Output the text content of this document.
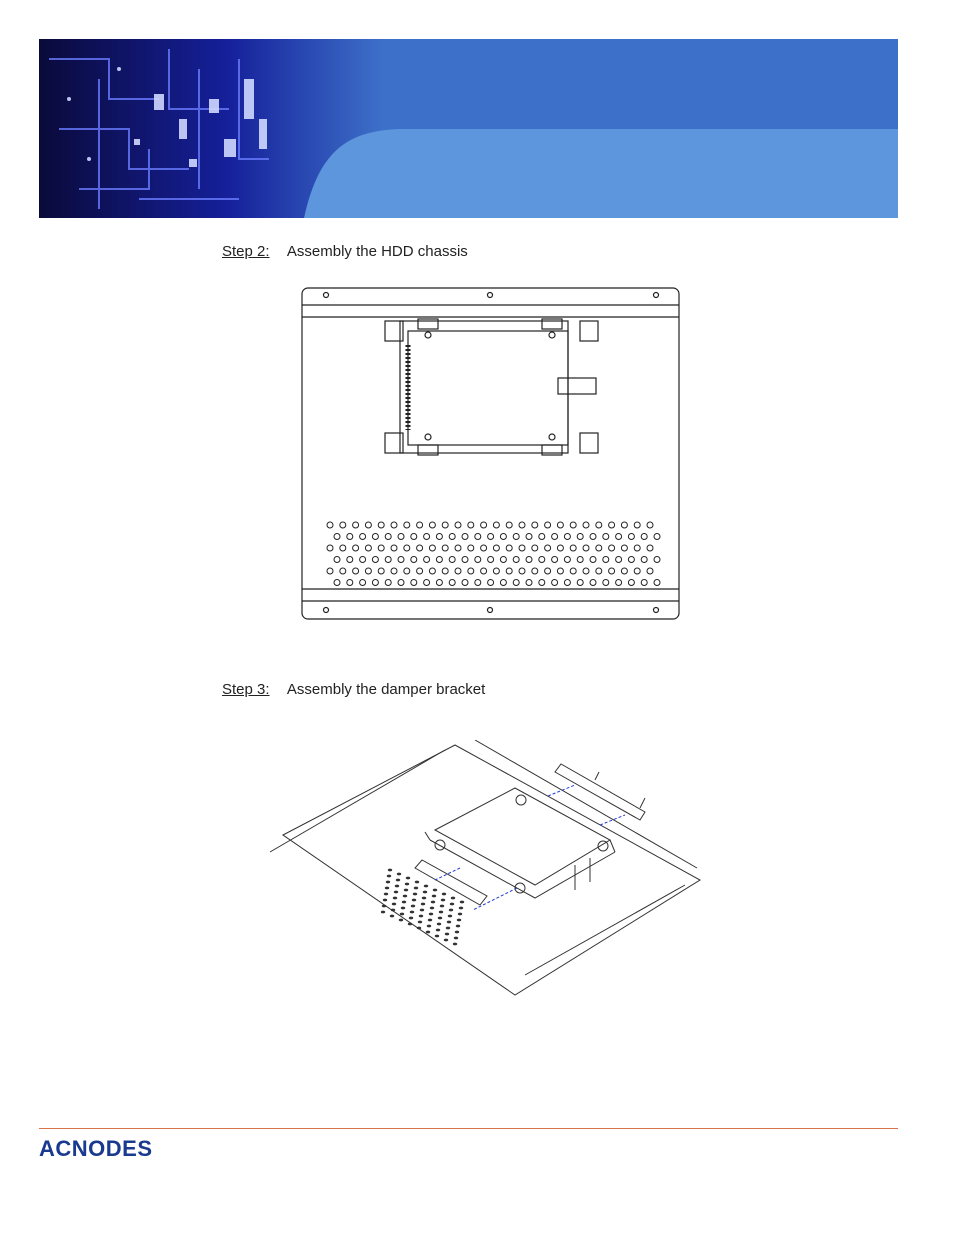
Step 2: Assembly the HDD chassis
Step 3: Assembly the damper bracket
ACNODES
